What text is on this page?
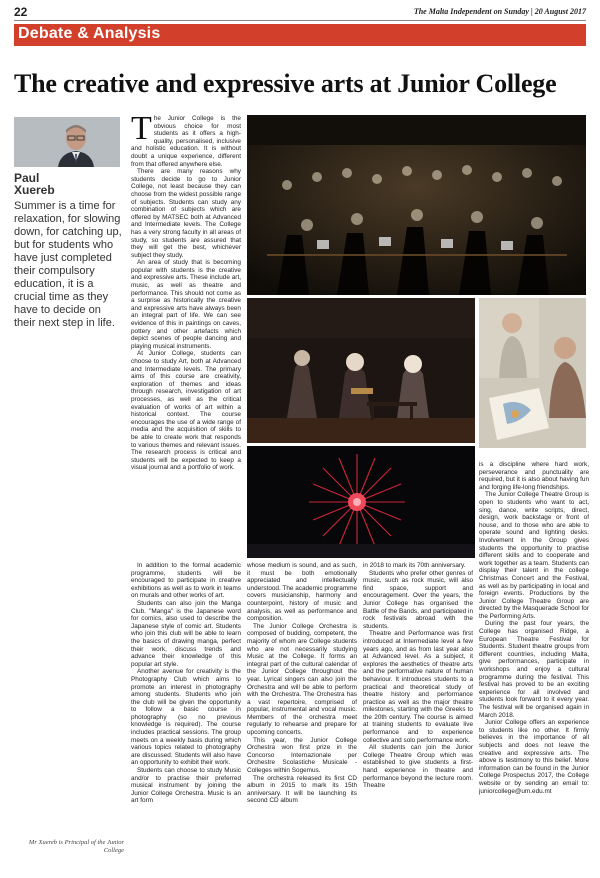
22	The Malta Independent on Sunday | 20 August 2017
Debate & Analysis
The creative and expressive arts at Junior College
Paul
Xuereb
Summer is a time for relaxation, for slowing down, for catching up, but for students who have just completed their compulsory education, it is a crucial time as they have to decide on their next step in life.
Mr Xuereb is Principal of the Junior College

The Junior College is the obvious choice for most students as it offers a high-quality, personalised, inclusive and holistic education. It is without doubt a unique experience, different from that offered anywhere else.

There are many reasons why students decide to go to Junior College, not least because they can choose from the widest possible range of subjects. Students can study any combination of subjects which are offered by MATSEC both at Advanced and Intermediate levels. The College has a very strong faculty in all areas of study, so students are assured that they will get the best, whichever subject they study.

An area of study that is becoming popular with students is the creative and expressive arts. These include art, music, as well as theatre and performance. This should not come as a surprise as historically the creative and expressive arts have always been an integral part of life. We can see evidence of this in paintings on caves, pottery and other artefacts which depict scenes of people dancing and playing musical instruments.

At Junior College, students can choose to study Art, both at Advanced and Intermediate levels. The primary aims of this course are creativity, exploration of themes and ideas through research, investigation of art processes, as well as the critical evaluation of works of art within a historical context. The course encourages the use of a wide range of media and the acquisition of skills to be able to create work that responds to various themes and relevant issues. The research process is critical and students will be expected to keep a visual journal and a portfolio of work.

In addition to the formal academic programme, students will be encouraged to participate in creative exhibitions as well as to work in teams on murals and other works of art.

Students can also join the Manga Club. "Manga" is the Japanese word for comics, also used to describe the Japanese style of comic art. Students who join this club will be able to learn the basics of drawing manga, perfect their work, discuss trends and advance their knowledge of this popular art style.

Another avenue for creativity is the Photography Club which aims to promote an interest in photography among students. Students who join the club will be given the opportunity to follow a basic course in photography (so no previous knowledge is required). The course includes practical sessions. The group meets on a weekly basis during which various topics related to photography are discussed. Students will also have an opportunity to exhibit their work.

Students can choose to study Music and/or to practise their preferred musical instrument by joining the Junior College Orchestra. Music is an art form

whose medium is sound, and as such, it must be both emotionally appreciated and intellectually understood. The academic programme covers musicianship, harmony and counterpoint, history of music and analysis, as well as performance and composition.

The Junior College Orchestra is composed of budding, competent, the majority of whom are College students who are not necessarily studying Music at the College. It forms an integral part of the cultural calendar of the Junior College throughout the year. Lyrical singers can also join the Orchestra and will be able to perform with the Orchestra. The Orchestra has a vast repertoire, comprised of popular, instrumental and vocal music. Members of the orchestra meet regularly to rehearse and prepare for upcoming concerts.

This year, the Junior College Orchestra won first prize in the Concorso Internazionale per Orchestre Scolastiche Musicale - Colleges within Sogemus.

The orchestra released its first CD album in 2015 to mark its 15th anniversary. It will be launching its second CD album

in 2018 to mark its 70th anniversary.

Students who prefer other genres of music, such as rock music, will also find space, support and encouragement. Over the years, the Junior College has organised the Battle of the Bands, and participated in rock festivals abroad with the students.

Theatre and Performance was first introduced at Intermediate level a few years ago, and as from last year also at Advanced level. As a subject, it explores the aesthetics of theatre arts and the performative nature of human behaviour. It introduces students to a practical and theoretical study of theatre history and performance practice as well as the major theatre milestones, starting with the Greeks to the 20th century. The course is aimed at training students to evaluate live performance and to experience collective and solo performance work.

All students can join the Junior College Theatre Group which was established to give students a first-hand experience in theatre and performance beyond the lecture room. Theatre

is a discipline where hard work, perseverance and punctuality are required, but it is also about having fun and forging life-long friendships.

The Junior College Theatre Group is open to students who want to act, sing, dance, write scripts, direct, design, work backstage or front of house, and to those who are able to operate sound and lighting desks. Involvement in the Group gives students the opportunity to practise different skills and to cooperate and work together as a team. Students can display their talent in the college Christmas Concert and the Festival, as well as by participating in local and foreign events. Productions by the Junior College Theatre Group are directed by the Masquerade School for the Performing Arts.

During the past four years, the College has organised Ridge, a European Theatre Festival for Students. Student theatre groups from different countries, including Malta, give performances, participate in workshops and enjoy a cultural programme during the festival. This festival has proved to be an exciting experience for all involved and students look forward to it every year. The festival will be organised again in March 2018.

Junior College offers an experience to students like no other. It firmly believes in the importance of all subjects and does not leave the creative and expressive arts. The above is testimony to this belief. More information can be found in the Junior College Prospectus 2017, the College website or by sending an email to: juniorcollege@um.edu.mt
